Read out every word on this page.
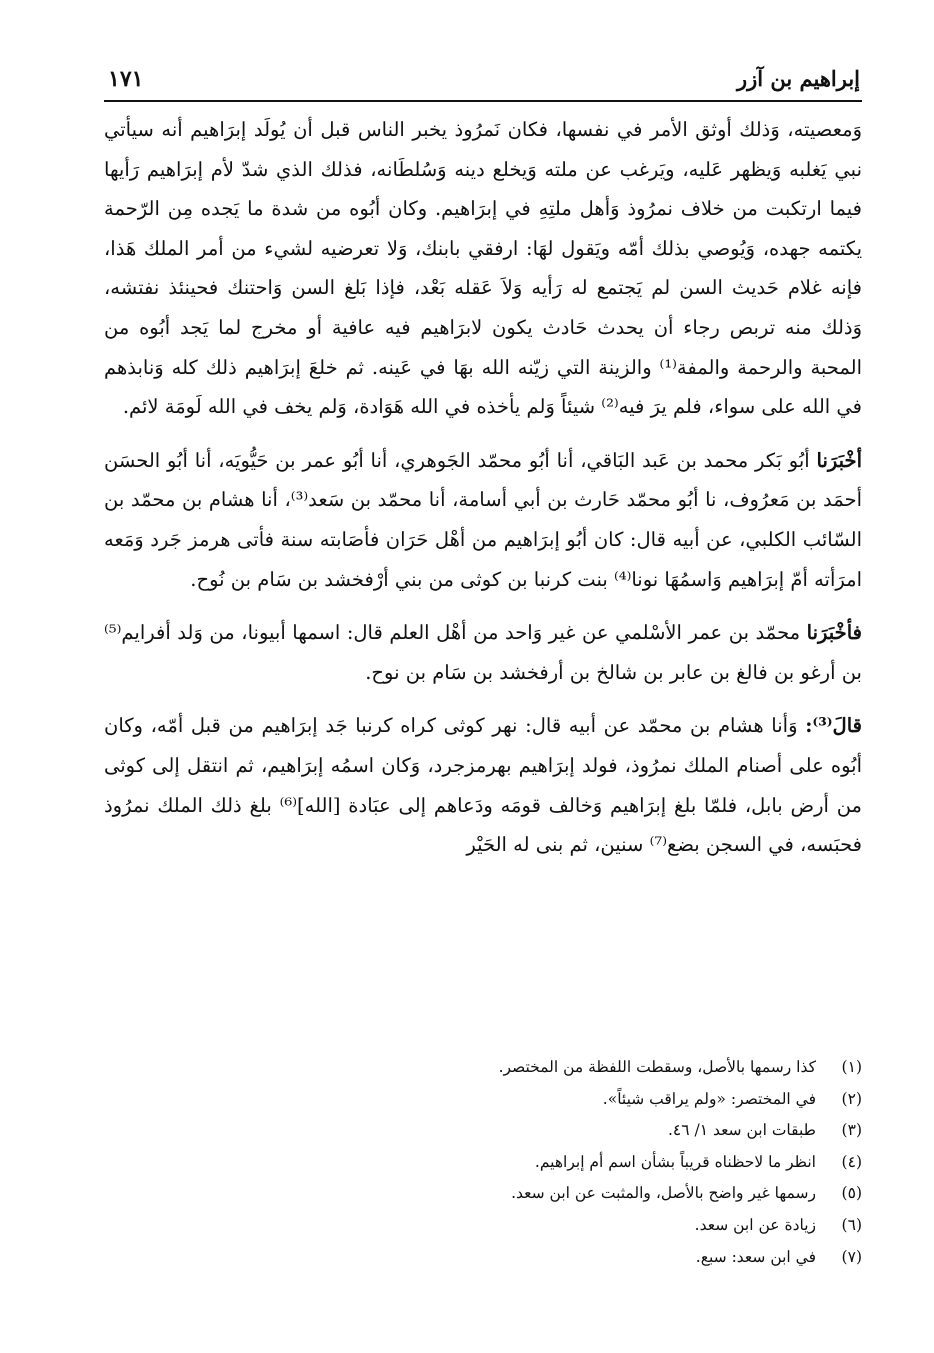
إبراهيم بن آزر
١٧١

وَمعصيته، وَذلك أوثق الأمر في نفسها، فكان نَمرُوذ يخبر الناس قبل أن يُولَد إبرَاهيم أنه سيأتي نبي يَغلبه وَيظهر عَليه، ويَرغب عن ملته وَيخلع دينه وَسُلطَانه، فذلك الذي شدّ لأم إبرَاهيم رَأيها فيما ارتكبت من خلاف نمرُوذ وَأهل ملتِهِ في إبرَاهيم. وكان أبُوه من شدة ما يَجده مِن الرّحمة يكتمه جهده، وَيُوصي بذلك أمّه ويَقول لهَا: ارفقي بابنك، وَلا تعرضيه لشيء من أمر الملك هَذا، فإنه غلام حَديث السن لم يَجتمع له رَأيه وَلاَ عَقله بَعْد، فإذا بَلغ السن وَاحتنك فحينئذ نفتشه، وَذلك منه تربص رجاء أن يحدث حَادث يكون لابرَاهيم فيه عافية أو مخرج لما يَجد أبُوه من المحبة والرحمة والمفة⁽¹⁾ والزينة التي زيّنه الله بهَا في عَينه. ثم خلعَ إبرَاهيم ذلك كله وَنابذهم في الله على سواء، فلم يرَ فيه⁽²⁾ شيئاً وَلم يأخذه في الله هَوَادة، وَلم يخف في الله لَومَة لائم.

أخْبَرَنا أبُو بَكر محمد بن عَبد البَاقي، أنا أبُو محمّد الجَوهري، أنا أبُو عمر بن حَيُّويَه، أنا أبُو الحسَن أحمَد بن مَعرُوف، نا أبُو محمّد حَارث بن أبي أسامة، أنا محمّد بن سَعد⁽³⁾، أنا هشام بن محمّد بن السّائب الكلبي، عن أبيه قال: كان أبُو إبرَاهيم من أهْل حَرَان فأصَابته سنة فأتى هرمز جَرد وَمَعه امرَأته أمّ إبرَاهيم وَاسمُهَا نونا⁽⁴⁾ بنت كرنبا بن كوثى من بني أرْفخشد بن سَام بن نُوح.

فأخْبَرَنا محمّد بن عمر الأسْلمي عن غير وَاحد من أهْل العلم قال: اسمها أبيونا، من وَلد أفرايم⁽⁵⁾ بن أرغو بن فالغ بن عابر بن شالخ بن أرفخشد بن سَام بن نوح.

قالَ⁽³⁾: وَأنا هشام بن محمّد عن أبيه قال: نهر كوثى كراه كرنبا جَد إبرَاهيم من قبل أمّه، وكان أبُوه على أصنام الملك نمرُوذ، فولد إبرَاهيم بهرمزجرد، وَكان اسمُه إبرَاهيم، ثم انتقل إلى كوثى من أرض بابل، فلمّا بلغ إبرَاهيم وَخالف قومَه ودَعاهم إلى عبَادة [الله]⁽⁶⁾ بلغ ذلك الملك نمرُوذ فحبَسه، في السجن بضع⁽⁷⁾ سنين، ثم بنى له الحَيْر

(١)
كذا رسمها بالأصل، وسقطت اللفظة من المختصر.
(٢)
في المختصر: «ولم يراقب شيئاً».
(٣)
طبقات ابن سعد ١/ ٤٦.
(٤)
انظر ما لاحظناه قريباً بشأن اسم أم إبراهيم.
(٥)
رسمها غير واضح بالأصل، والمثبت عن ابن سعد.
(٦)
زيادة عن ابن سعد.
(٧)
في ابن سعد: سبع.
